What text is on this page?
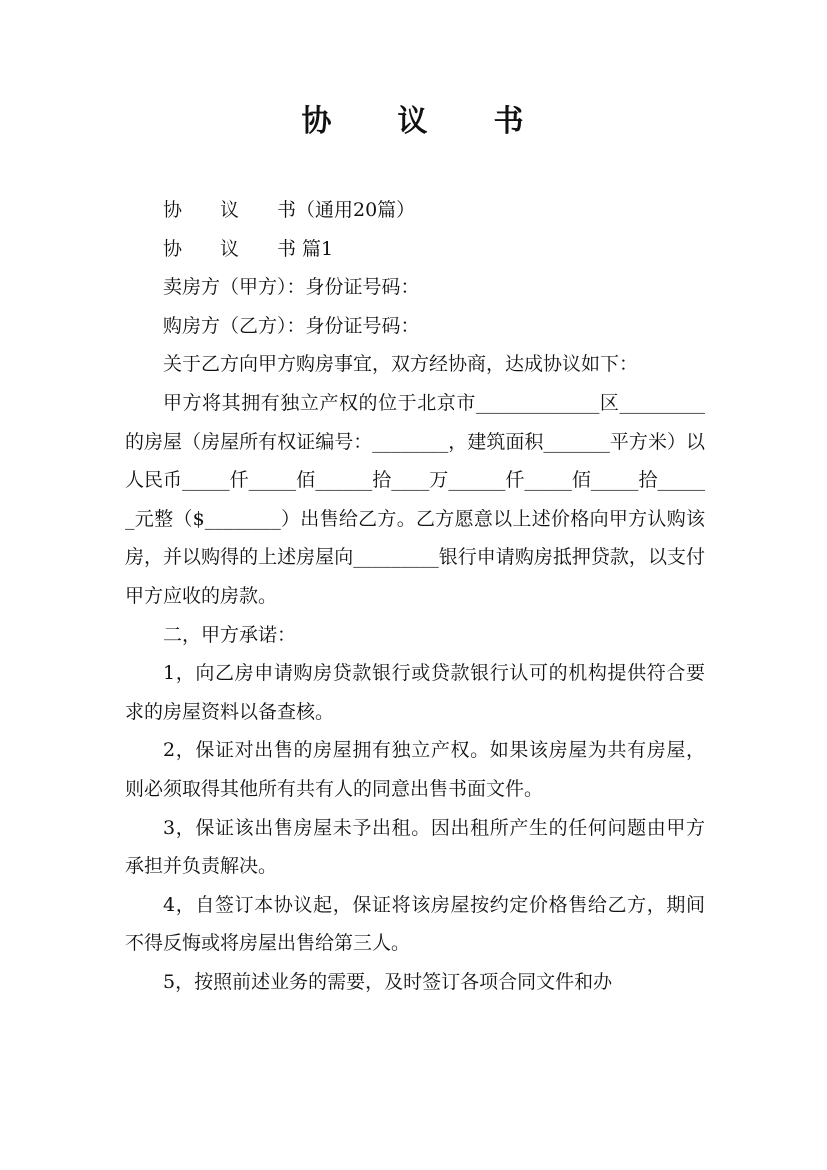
协　　议　　书

协　　议　　书（通用20篇）

协　　议　　书 篇1

卖房方（甲方）：身份证号码：

购房方（乙方）：身份证号码：

关于乙方向甲方购房事宜，双方经协商，达成协议如下：

甲方将其拥有独立产权的位于北京市_____________区_________的房屋（房屋所有权证编号：________，建筑面积_______平方米）以人民币_____仟_____佰______拾____万______仟_____佰_____拾______元整（$________）出售给乙方。乙方愿意以上述价格向甲方认购该房，并以购得的上述房屋向_________银行申请购房抵押贷款，以支付甲方应收的房款。

二，甲方承诺：

1，向乙房申请购房贷款银行或贷款银行认可的机构提供符合要求的房屋资料以备查核。

2，保证对出售的房屋拥有独立产权。如果该房屋为共有房屋，则必须取得其他所有共有人的同意出售书面文件。

3，保证该出售房屋未予出租。因出租所产生的任何问题由甲方承担并负责解决。

4，自签订本协议起，保证将该房屋按约定价格售给乙方，期间不得反悔或将房屋出售给第三人。

5，按照前述业务的需要，及时签订各项合同文件和办
